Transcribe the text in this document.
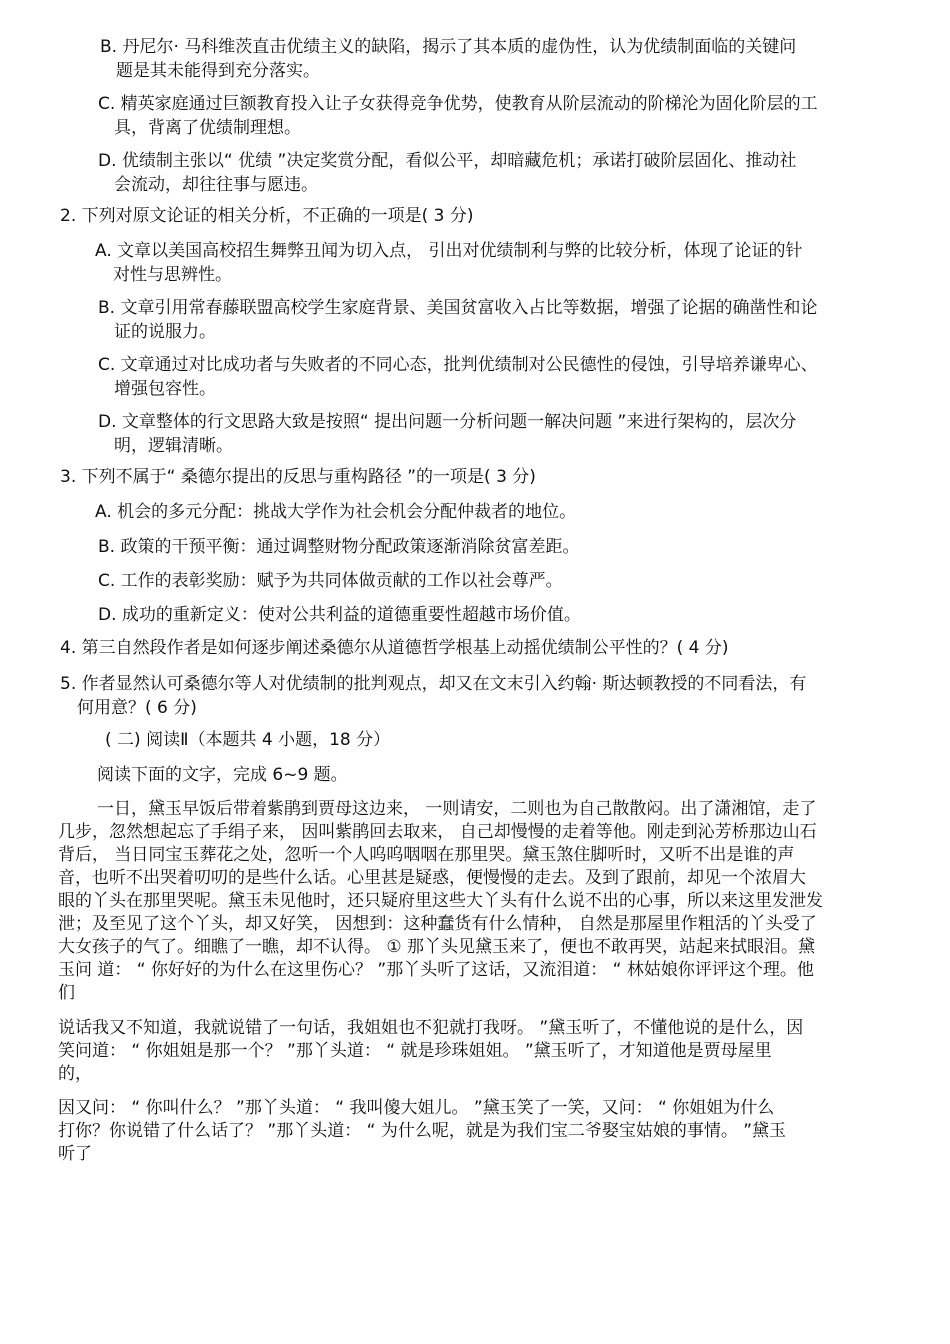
B. 丹尼尔· 马科维茨直击优绩主义的缺陷，揭示了其本质的虚伪性，认为优绩制面临的关键问
题是其未能得到充分落实。
C. 精英家庭通过巨额教育投入让子女获得竞争优势，使教育从阶层流动的阶梯沦为固化阶层的工
具，背离了优绩制理想。
D. 优绩制主张以“ 优绩 ”决定奖赏分配，看似公平，却暗藏危机；承诺打破阶层固化、推动社
会流动，却往往事与愿违。
2. 下列对原文论证的相关分析，不正确的一项是( 3 分)
A. 文章以美国高校招生舞弊丑闻为切入点， 引出对优绩制利与弊的比较分析，体现了论证的针
对性与思辨性。
B. 文章引用常春藤联盟高校学生家庭背景、美国贫富收入占比等数据，增强了论据的确凿性和论
证的说服力。
C. 文章通过对比成功者与失败者的不同心态，批判优绩制对公民德性的侵蚀，引导培养谦卑心、
增强包容性。
D. 文章整体的行文思路大致是按照“ 提出问题一分析问题一解决问题 ”来进行架构的，层次分
明，逻辑清晰。
3. 下列不属于“ 桑德尔提出的反思与重构路径 ”的一项是( 3 分)
A. 机会的多元分配：挑战大学作为社会机会分配仲裁者的地位。
B. 政策的干预平衡：通过调整财物分配政策逐渐消除贫富差距。
C. 工作的表彰奖励：赋予为共同体做贡献的工作以社会尊严。
D. 成功的重新定义：使对公共利益的道德重要性超越市场价值。
4. 第三自然段作者是如何逐步阐述桑德尔从道德哲学根基上动摇优绩制公平性的？( 4 分)
5. 作者显然认可桑德尔等人对优绩制的批判观点，却又在文末引入约翰· 斯达顿教授的不同看法，有
何用意？( 6 分)
( 二) 阅读Ⅱ（本题共 4 小题，18 分）
阅读下面的文字，完成 6~9 题。
一日，黛玉早饭后带着紫鹃到贾母这边来， 一则请安，二则也为自己散散闷。出了潇湘馆，走了
几步，忽然想起忘了手绢子来， 因叫紫鹃回去取来， 自己却慢慢的走着等他。刚走到沁芳桥那边山石
背后， 当日同宝玉葬花之处，忽听一个人呜呜咽咽在那里哭。黛玉煞住脚听时，又听不出是谁的声
音，也听不出哭着叨叨的是些什么话。心里甚是疑惑，便慢慢的走去。及到了跟前，却见一个浓眉大
眼的丫头在那里哭呢。黛玉未见他时，还只疑府里这些大丫头有什么说不出的心事，所以来这里发泄发
泄；及至见了这个丫头，却又好笑， 因想到：这种蠢货有什么情种， 自然是那屋里作粗活的丫头受了
大女孩子的气了。细瞧了一瞧，却不认得。 ① 那丫头见黛玉来了，便也不敢再哭，站起来拭眼泪。黛
玉问 道： “ 你好好的为什么在这里伤心？ ”那丫头听了这话，又流泪道： “ 林姑娘你评评这个理。他
们
说话我又不知道，我就说错了一句话，我姐姐也不犯就打我呀。 ”黛玉听了，不懂他说的是什么，因
笑问道： “ 你姐姐是那一个？ ”那丫头道： “ 就是珍珠姐姐。 ”黛玉听了，才知道他是贾母屋里
的，
因又问： “ 你叫什么？ ”那丫头道： “ 我叫傻大姐儿。 ”黛玉笑了一笑，又问： “ 你姐姐为什么
打你？你说错了什么话了？ ”那丫头道： “ 为什么呢，就是为我们宝二爷娶宝姑娘的事情。 ”黛玉
听了
